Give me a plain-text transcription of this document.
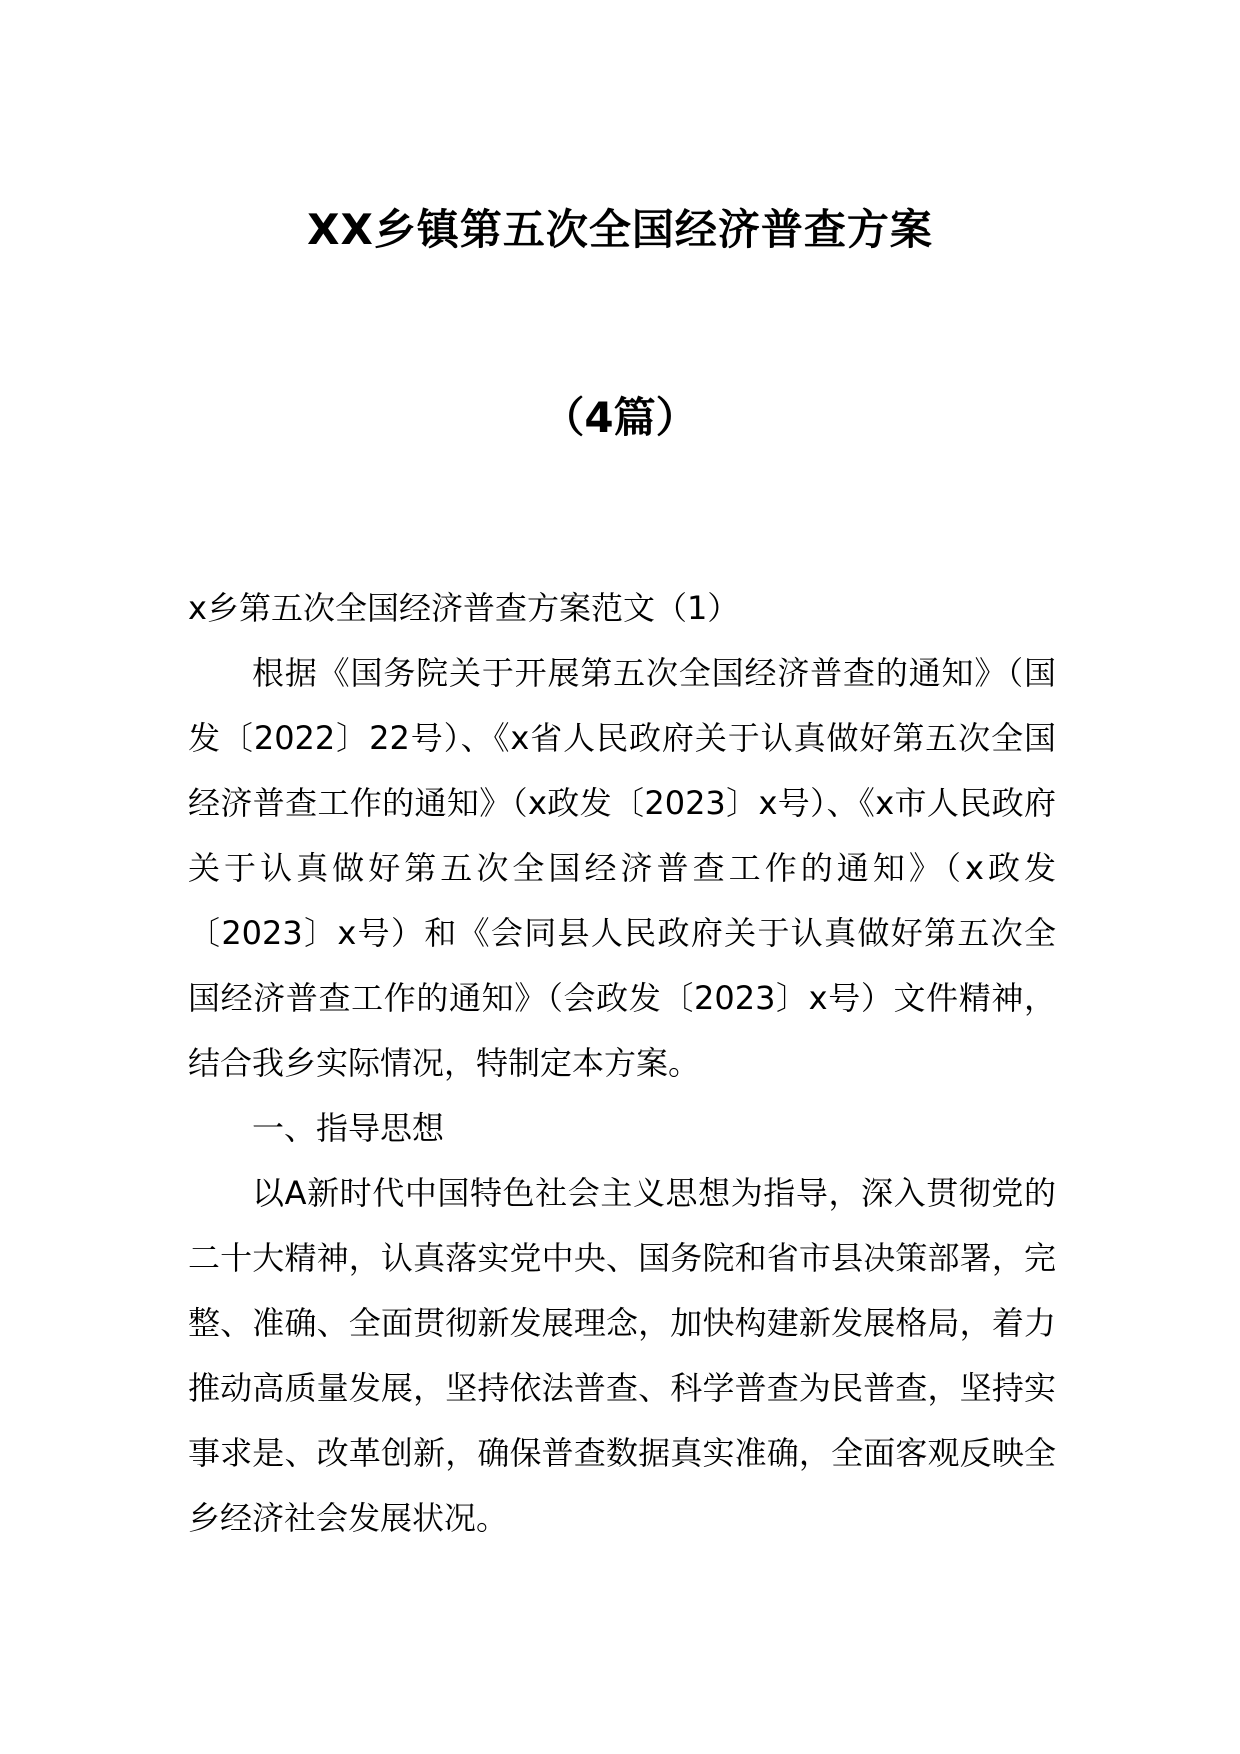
XX乡镇第五次全国经济普查方案
（4篇）

x乡第五次全国经济普查方案范文（1）

根据《国务院关于开展第五次全国经济普查的通知》（国发〔2022〕22号）、《x省人民政府关于认真做好第五次全国经济普查工作的通知》（x政发〔2023〕x号）、《x市人民政府关于认真做好第五次全国经济普查工作的通知》（x政发〔2023〕x号）和《会同县人民政府关于认真做好第五次全国经济普查工作的通知》（会政发〔2023〕x号）文件精神，结合我乡实际情况，特制定本方案。

一、指导思想

以A新时代中国特色社会主义思想为指导，深入贯彻党的二十大精神，认真落实党中央、国务院和省市县决策部署，完整、准确、全面贯彻新发展理念，加快构建新发展格局，着力推动高质量发展，坚持依法普查、科学普查为民普查，坚持实事求是、改革创新，确保普查数据真实准确，全面客观反映全乡经济社会发展状况。
